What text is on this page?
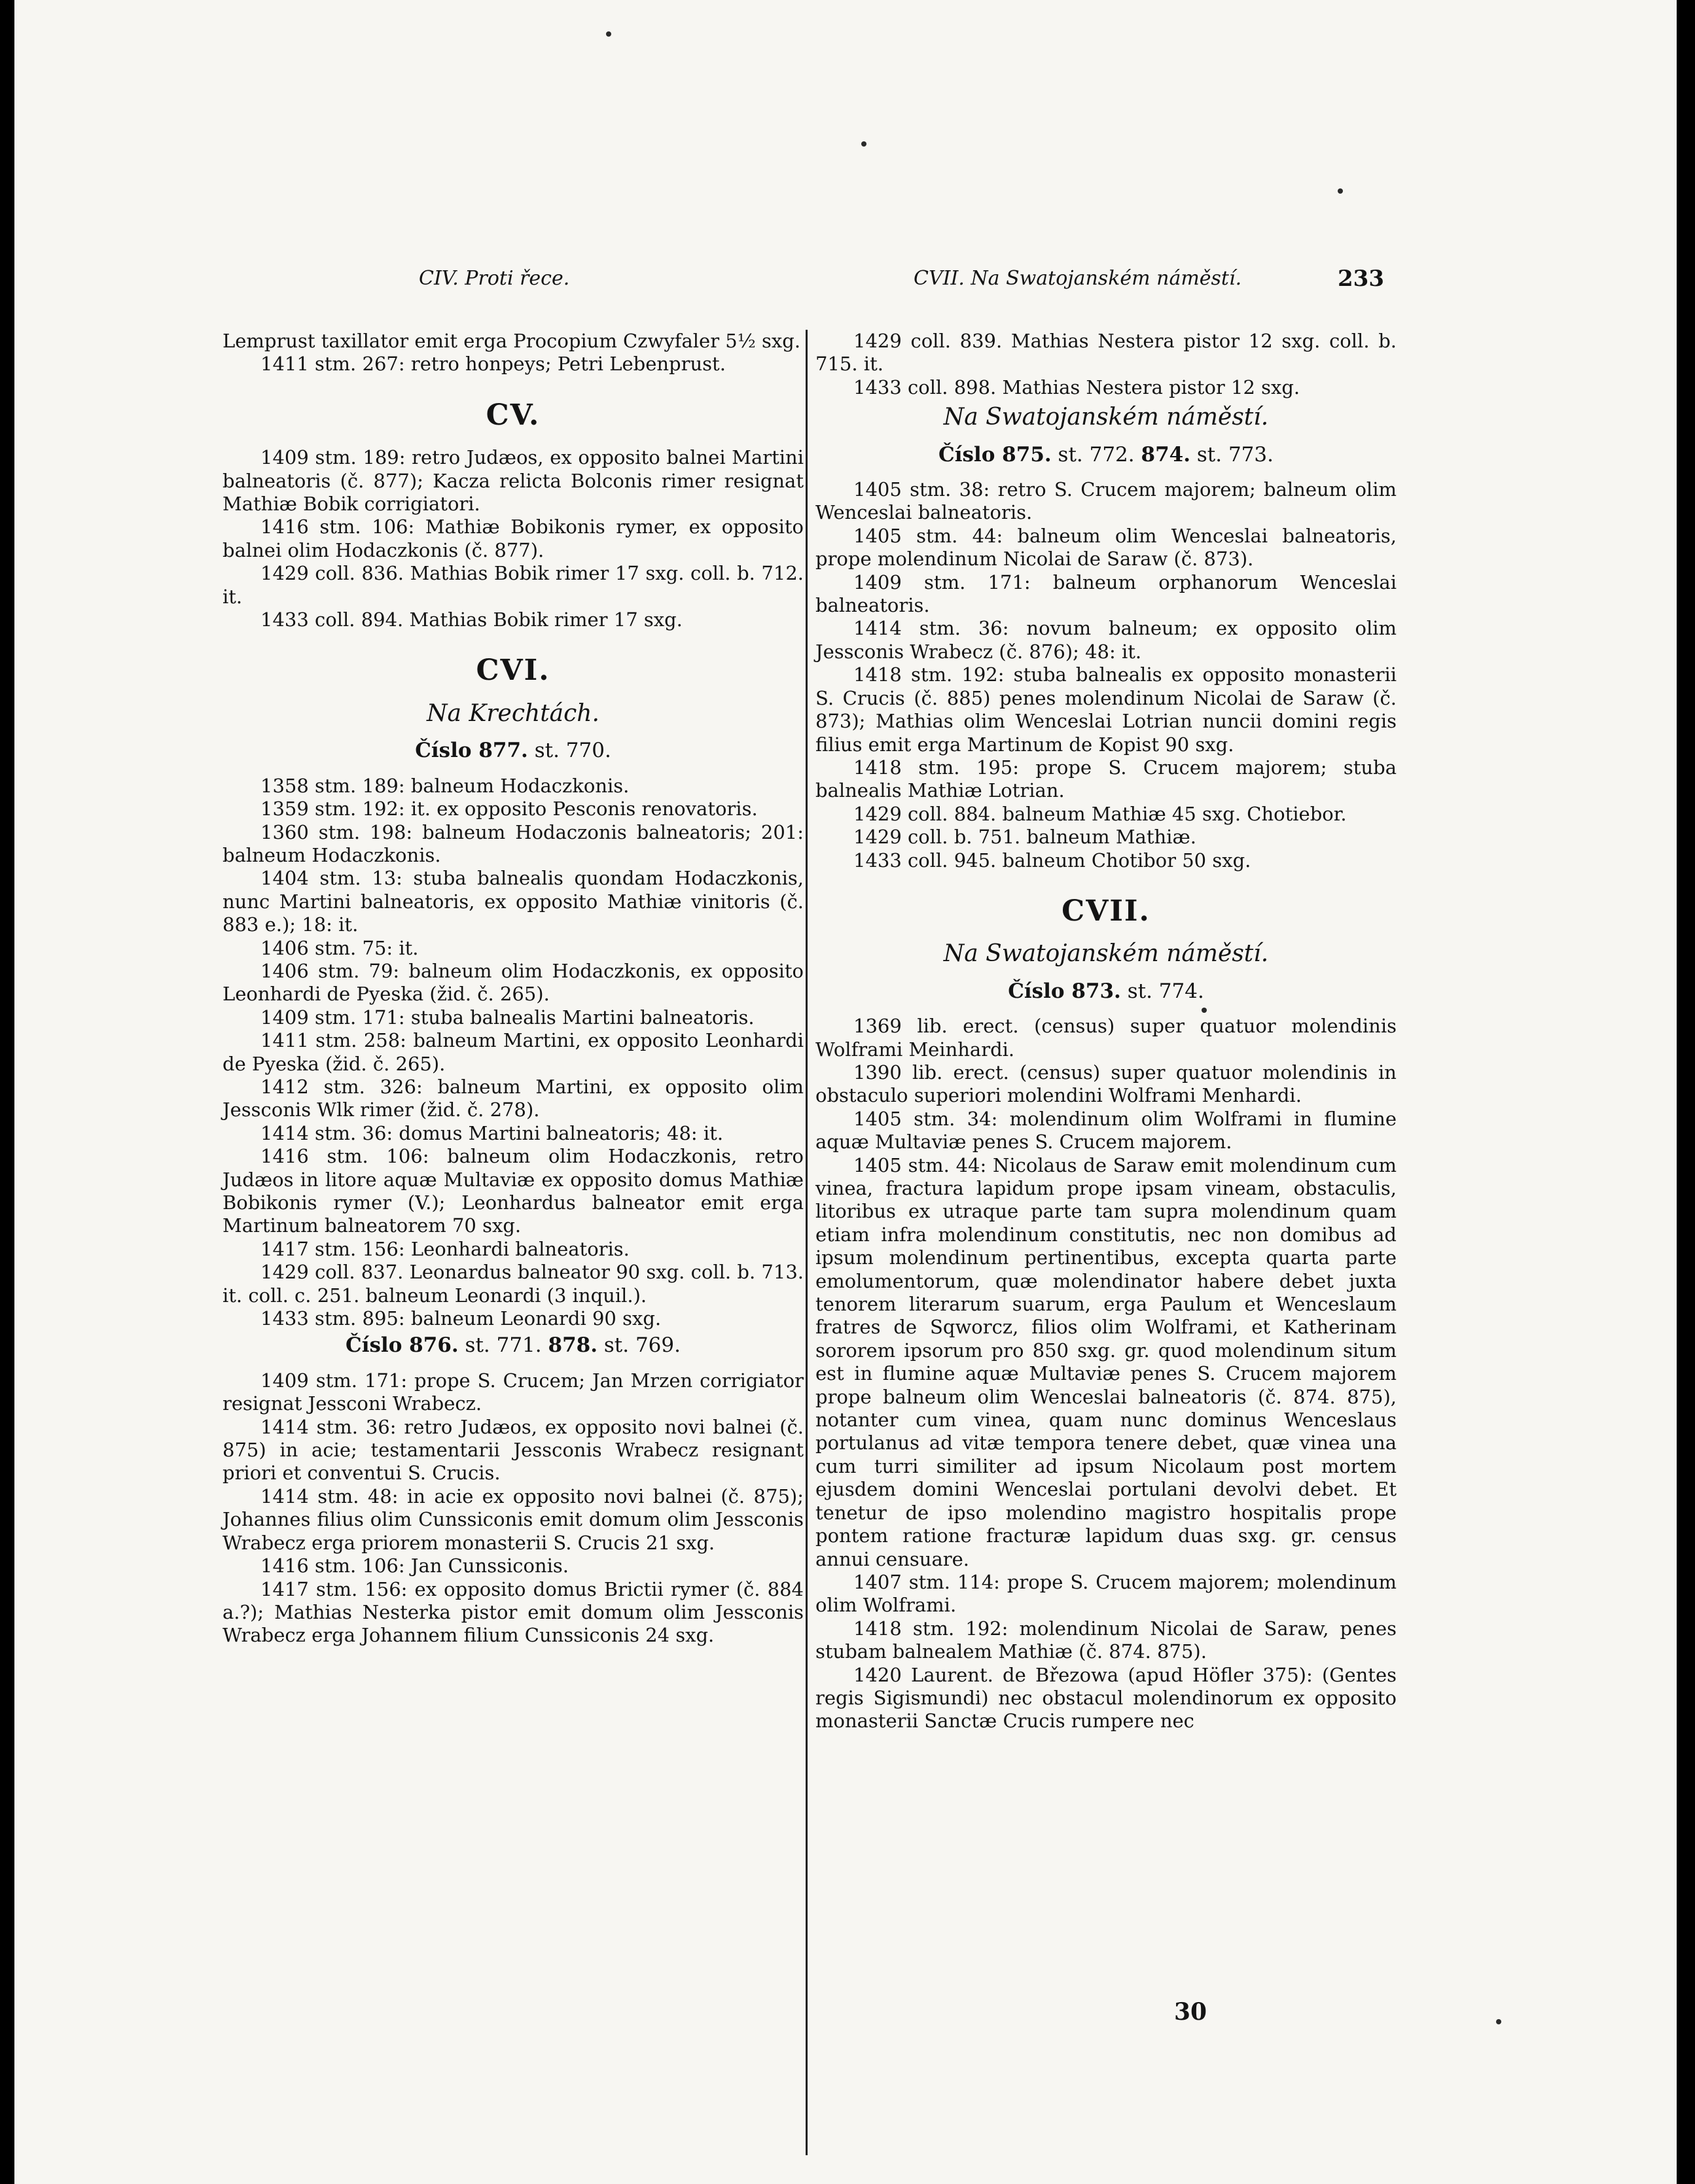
CIV. Proti řece.	CVII. Na Swatojanském náměstí.	233

Lemprust taxillator emit erga Procopium Czwyfaler 5½ sxg.

1411 stm. 267: retro honpeys; Petri Lebenprust.

CV.

1409 stm. 189: retro Judæos, ex opposito balnei Martini balneatoris (č. 877); Kacza relicta Bolconis rimer resignat Mathiæ Bobik corrigiatori.

1416 stm. 106: Mathiæ Bobikonis rymer, ex opposito balnei olim Hodaczkonis (č. 877).

1429 coll. 836. Mathias Bobik rimer 17 sxg. coll. b. 712. it.

1433 coll. 894. Mathias Bobik rimer 17 sxg.

CVI.
Na Krechtách.
Číslo 877. st. 770.

1358 stm. 189: balneum Hodaczkonis.

1359 stm. 192: it. ex opposito Pesconis renovatoris.

1360 stm. 198: balneum Hodaczonis balneatoris; 201: balneum Hodaczkonis.

1404 stm. 13: stuba balnealis quondam Hodaczkonis, nunc Martini balneatoris, ex opposito Mathiæ vinitoris (č. 883 e.); 18: it.

1406 stm. 75: it.

1406 stm. 79: balneum olim Hodaczkonis, ex opposito Leonhardi de Pyeska (žid. č. 265).

1409 stm. 171: stuba balnealis Martini balneatoris.

1411 stm. 258: balneum Martini, ex opposito Leonhardi de Pyeska (žid. č. 265).

1412 stm. 326: balneum Martini, ex opposito olim Jessconis Wlk rimer (žid. č. 278).

1414 stm. 36: domus Martini balneatoris; 48: it.

1416 stm. 106: balneum olim Hodaczkonis, retro Judæos in litore aquæ Multaviæ ex opposito domus Mathiæ Bobikonis rymer (V.); Leonhardus balneator emit erga Martinum balneatorem 70 sxg.

1417 stm. 156: Leonhardi balneatoris.

1429 coll. 837. Leonardus balneator 90 sxg. coll. b. 713. it. coll. c. 251. balneum Leonardi (3 inquil.).

1433 stm. 895: balneum Leonardi 90 sxg.

Číslo 876. st. 771. 878. st. 769.

1409 stm. 171: prope S. Crucem; Jan Mrzen corrigiator resignat Jessconi Wrabecz.

1414 stm. 36: retro Judæos, ex opposito novi balnei (č. 875) in acie; testamentarii Jessconis Wrabecz resignant priori et conventui S. Crucis.

1414 stm. 48: in acie ex opposito novi balnei (č. 875); Johannes filius olim Cunssiconis emit domum olim Jessconis Wrabecz erga priorem monasterii S. Crucis 21 sxg.

1416 stm. 106: Jan Cunssiconis.

1417 stm. 156: ex opposito domus Brictii rymer (č. 884 a.?); Mathias Nesterka pistor emit domum olim Jessconis Wrabecz erga Johannem filium Cunssiconis 24 sxg.

1429 coll. 839. Mathias Nestera pistor 12 sxg. coll. b. 715. it.

1433 coll. 898. Mathias Nestera pistor 12 sxg.

Na Swatojanském náměstí.
Číslo 875. st. 772. 874. st. 773.

1405 stm. 38: retro S. Crucem majorem; balneum olim Wenceslai balneatoris.

1405 stm. 44: balneum olim Wenceslai balneatoris, prope molendinum Nicolai de Saraw (č. 873).

1409 stm. 171: balneum orphanorum Wenceslai balneatoris.

1414 stm. 36: novum balneum; ex opposito olim Jessconis Wrabecz (č. 876); 48: it.

1418 stm. 192: stuba balnealis ex opposito monasterii S. Crucis (č. 885) penes molendinum Nicolai de Saraw (č. 873); Mathias olim Wenceslai Lotrian nuncii domini regis filius emit erga Martinum de Kopist 90 sxg.

1418 stm. 195: prope S. Crucem majorem; stuba balnealis Mathiæ Lotrian.

1429 coll. 884. balneum Mathiæ 45 sxg. Chotiebor.

1429 coll. b. 751. balneum Mathiæ.

1433 coll. 945. balneum Chotibor 50 sxg.

CVII.
Na Swatojanském náměstí.
Číslo 873. st. 774.

1369 lib. erect. (census) super quatuor molendinis Wolframi Meinhardi.

1390 lib. erect. (census) super quatuor molendinis in obstaculo superiori molendini Wolframi Menhardi.

1405 stm. 34: molendinum olim Wolframi in flumine aquæ Multaviæ penes S. Crucem majorem.

1405 stm. 44: Nicolaus de Saraw emit molendinum cum vinea, fractura lapidum prope ipsam vineam, obstaculis, litoribus ex utraque parte tam supra molendinum quam etiam infra molendinum constitutis, nec non domibus ad ipsum molendinum pertinentibus, excepta quarta parte emolumentorum, quæ molendinator habere debet juxta tenorem literarum suarum, erga Paulum et Wenceslaum fratres de Sqworcz, filios olim Wolframi, et Katherinam sororem ipsorum pro 850 sxg. gr. quod molendinum situm est in flumine aquæ Multaviæ penes S. Crucem majorem prope balneum olim Wenceslai balneatoris (č. 874. 875), notanter cum vinea, quam nunc dominus Wenceslaus portulanus ad vitæ tempora tenere debet, quæ vinea una cum turri similiter ad ipsum Nicolaum post mortem ejusdem domini Wenceslai portulani devolvi debet. Et tenetur de ipso molendino magistro hospitalis prope pontem ratione fracturæ lapidum duas sxg. gr. census annui censuare.

1407 stm. 114: prope S. Crucem majorem; molendinum olim Wolframi.

1418 stm. 192: molendinum Nicolai de Saraw, penes stubam balnealem Mathiæ (č. 874. 875).

1420 Laurent. de Březowa (apud Höfler 375): (Gentes regis Sigismundi) nec obstacul molendinorum ex opposito monasterii Sanctæ Crucis rumpere nec

30
